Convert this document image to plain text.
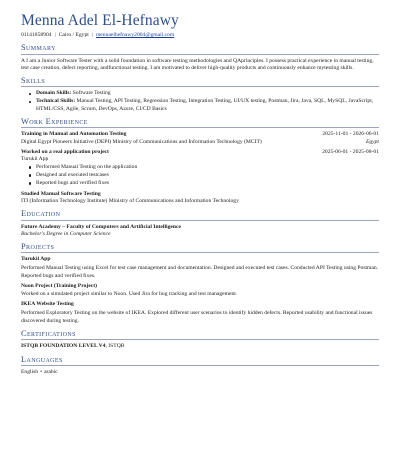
Menna Adel El-Hefnawy
01141858904 | Cairo / Egypt | mennaelhefnawy2004@gmail.com
Summary
A I am a Junior Software Tester with a solid foundation in software testing methodologies and QAprinciples. I possess practical experience in manual testing, test case creation, defect reporting, andfunctional testing. I am motivated to deliver high-quality products and continuously enhance mytesting skills.
Skills
Domain Skills: Software Testing
Technical Skills: Manual Testing, API Testing, Regression Testing, Integration Testing, UI/UX testing, Postman, Jira, Java, SQL, MySQL, JavaScript, HTML/CSS, Agile, Scrum, DevOps, Azure, CI/CD Basics
Work Experience
Training in Manual and Automation Testing	2025-11-01 - 2026-06-01
Digital Egypt Pioneers Initiative (DEPI) Ministry of Communications and Information Technology (MCIT)	Egypt
Worked on a real application project	2025-06-01 - 2025-08-01
Turukii App
Performed Manual Testing on the application
Designed and executed testcases
Reported bugs and verified fixes
Studied Manual Software Testing
ITI (Information Technology Institute) Ministry of Communications and Information Technology
Education
Future Academy – Faculty of Computers and Artificial Intelligence
Bachelor's Degree in Computer Science
Projects
Turukii App
Performed Manual Testing using Excel for test case management and documentation. Designed and executed test cases. Conducted API Testing using Postman. Reported bugs and verified fixes.
Noon Project (Training Project)
Worked on a simulated project similar to Noon. Used Jira for bug tracking and test management.
IKEA Website Testing
Performed Exploratory Testing on the website of IKEA. Explored different user scenarios to identify hidden defects. Reported usability and functional issues discovered during testing.
Certifications
ISTQB FOUNDATION LEVEL V4, ISTQB
Languages
English • arabic
